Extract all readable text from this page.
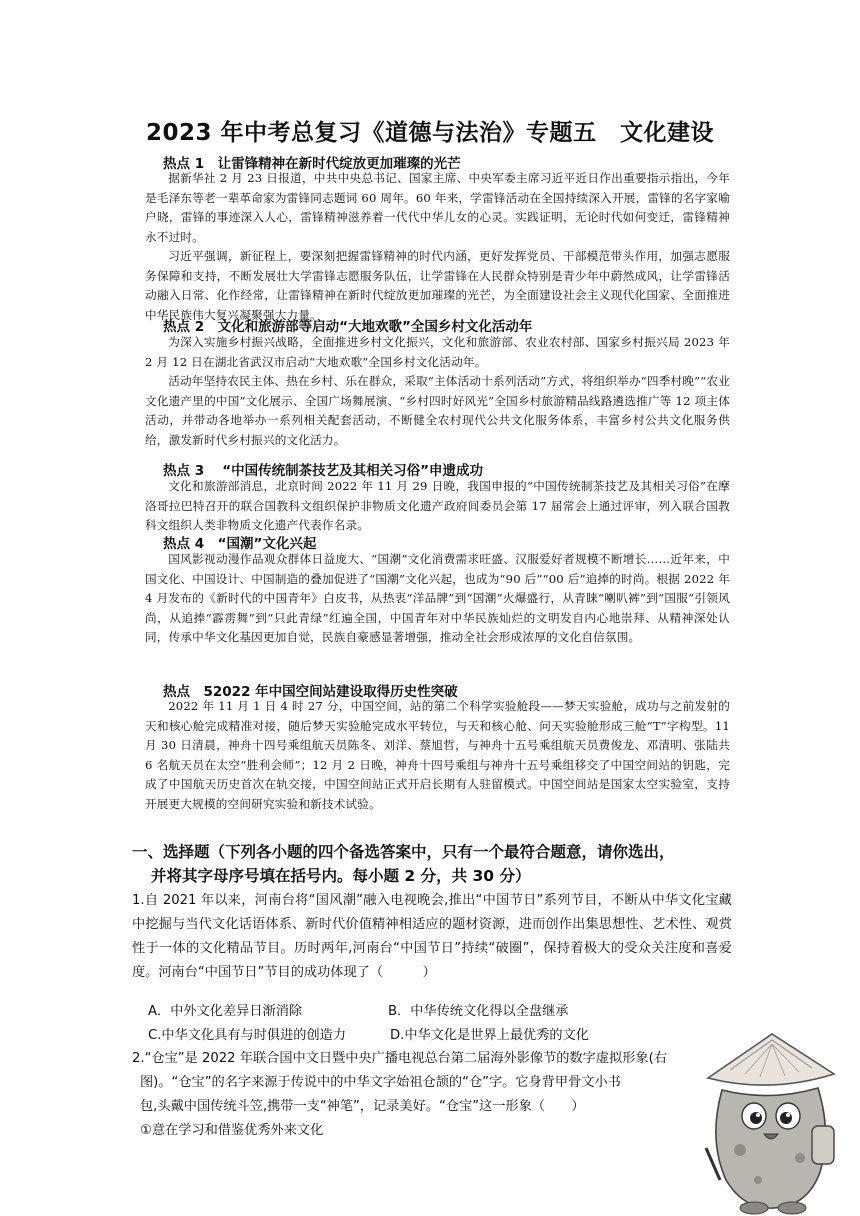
2023 年中考总复习《道德与法治》专题五　文化建设
热点 1　让雷锋精神在新时代绽放更加璀璨的光芒

据新华社 2 月 23 日报道，中共中央总书记、国家主席、中央军委主席习近平近日作出重要指示指出，今年是毛泽东等老一辈革命家为雷锋同志题词 60 周年。60 年来，学雷锋活动在全国持续深入开展，雷锋的名字家喻户晓，雷锋的事迹深入人心，雷锋精神滋养着一代代中华儿女的心灵。实践证明，无论时代如何变迁，雷锋精神永不过时。

习近平强调，新征程上，要深刻把握雷锋精神的时代内涵，更好发挥党员、干部模范带头作用，加强志愿服务保障和支持，不断发展壮大学雷锋志愿服务队伍，让学雷锋在人民群众特别是青少年中蔚然成风，让学雷锋活动融入日常、化作经常，让雷锋精神在新时代绽放更加璀璨的光芒，为全面建设社会主义现代化国家、全面推进中华民族伟大复兴凝聚强大力量。

热点 2　文化和旅游部等启动“大地欢歌”全国乡村文化活动年

为深入实施乡村振兴战略，全面推进乡村文化振兴，文化和旅游部、农业农村部、国家乡村振兴局 2023 年 2 月 12 日在湖北省武汉市启动“大地欢歌”全国乡村文化活动年。

活动年坚持农民主体、热在乡村、乐在群众，采取“主体活动十系列活动”方式，将组织举办“四季村晚”“农业文化遗产里的中国”文化展示、全国广场舞展演、“乡村四时好风光”全国乡村旅游精品线路遴选推广等 12 项主体活动，并带动各地举办一系列相关配套活动，不断健全农村现代公共文化服务体系，丰富乡村公共文化服务供给，激发新时代乡村振兴的文化活力。

热点 3　 “中国传统制茶技艺及其相关习俗”申遗成功

文化和旅游部消息，北京时间 2022 年 11 月 29 日晚，我国申报的“中国传统制茶技艺及其相关习俗”在摩洛哥拉巴特召开的联合国教科文组织保护非物质文化遗产政府间委员会第 17 届常会上通过评审，列入联合国教科文组织人类非物质文化遗产代表作名录。

热点 4　“国潮”文化兴起

国风影视动漫作品观众群体日益庞大、“国潮”文化消费需求旺盛、汉服爱好者规模不断增长……近年来，中国文化、中国设计、中国制造的叠加促进了“国潮”文化兴起，也成为“90 后”“00 后”追捧的时尚。根据 2022 年 4 月发布的《新时代的中国青年》白皮书，从热衷“洋品牌”到“国潮”火爆盛行，从青睐“喇叭裤”到“国服”引领风尚，从追捧“霹雳舞”到“只此青绿”红遍全国，中国青年对中华民族灿烂的文明发自内心地崇拜、从精神深处认同，传承中华文化基因更加自觉，民族自豪感显著增强，推动全社会形成浓厚的文化自信氛围。

热点　52022 年中国空间站建设取得历史性突破

2022 年 11 月 1 日 4 时 27 分，中国空间，站的第二个科学实验舱段——梦天实验舱，成功与之前发射的天和核心舱完成精准对接，随后梦天实验舱完成水平转位，与天和核心舱、问天实验舱形成三舱“T”字构型。11 月 30 日清晨，神舟十四号乘组航天员陈冬、刘洋、蔡旭哲，与神舟十五号乘组航天员费俊龙、邓清明、张陆共 6 名航天员在太空“胜利会师”；12 月 2 日晚，神舟十四号乘组与神舟十五号乘组移交了中国空间站的钥匙，完成了中国航天历史首次在轨交接，中国空间站正式开启长期有人驻留模式。中国空间站是国家太空实验室，支持开展更大规模的空间研究实验和新技术试验。

一、选择题（下列各小题的四个备选答案中，只有一个最符合题意，请你选出，
并将其字母序号填在括号内。每小题 2 分，共 30 分）

1.自 2021 年以来，河南台将“国风潮”融入电视晚会,推出“中国节日”系列节目，不断从中华文化宝藏中挖掘与当代文化话语体系、新时代价值精神相适应的题材资源，进而创作出集思想性、艺术性、观赏性于一体的文化精品节目。历时两年,河南台“中国节日”持续“破圈”，保持着极大的受众关注度和喜爱度。河南台“中国节日”节目的成功体现了（　　　）

A．中外文化差异日渐消除	B．中华传统文化得以全盘继承
C.中华文化具有与时俱进的创造力	D.中华文化是世界上最优秀的文化
2.“仓宝”是 2022 年联合国中文日暨中央广播电视总台第二届海外影像节的数字虚拟形象(右
图)。“仓宝”的名字来源于传说中的中华文字始祖仓颉的“仓”字。它身背甲骨文小书
包,头戴中国传统斗笠,携带一支“神笔”，记录美好。“仓宝”这一形象（　　）
①意在学习和借鉴优秀外来文化
